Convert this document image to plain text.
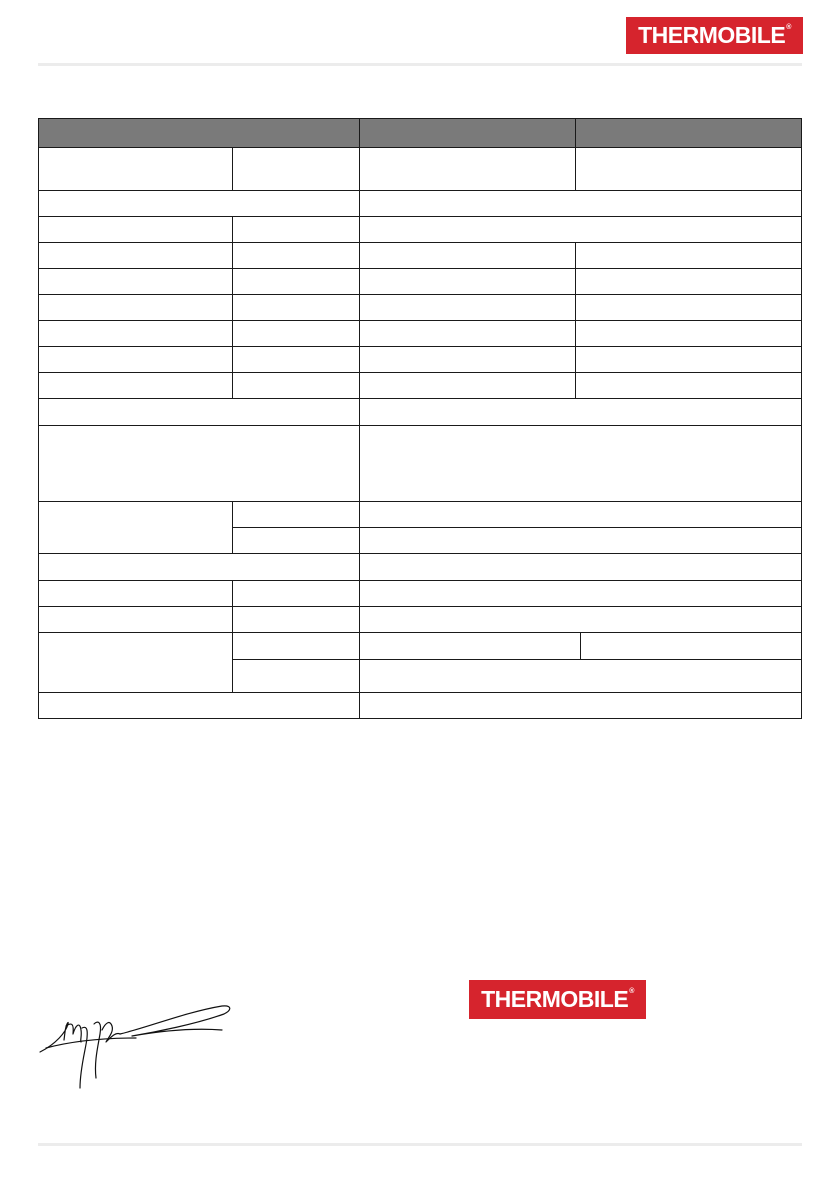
THERMOBILE ®
THERMOBILE ®
